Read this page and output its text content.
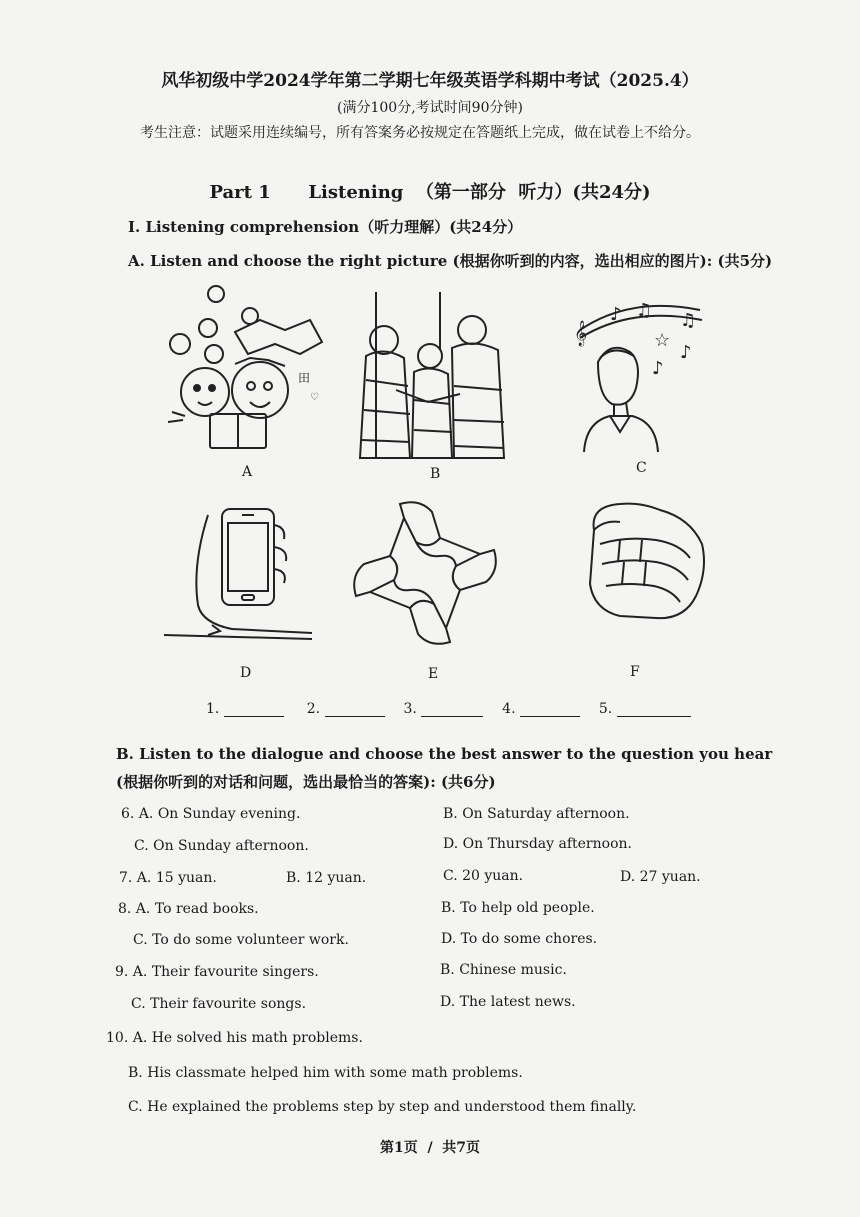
风华初级中学2024学年第二学期七年级英语学科期中考试（2025.4）
(满分100分,考试时间90分钟)
考生注意：试题采用连续编号，所有答案务必按规定在答题纸上完成，做在试卷上不给分。
Part 1      Listening  （第一部分  听力）(共24分)
I. Listening comprehension（听力理解）(共24分）
A. Listen and choose the right picture (根据你听到的内容，选出相应的图片): (共5分)
田
♡
A	B
𝄞
♪ ♫ ♫
☆
♪
♪
C
D	E	F
1.	2.	3.	4.	5.
B. Listen to the dialogue and choose the best answer to the question you hear (根据你听到的对话和问题，选出最恰当的答案): (共6分)
6. A. On Sunday evening.	B. On Saturday afternoon.
C. On Sunday afternoon.	D. On Thursday afternoon.
7. A. 15 yuan.	B. 12 yuan.	C. 20 yuan.	D. 27 yuan.
8. A. To read books.	B. To help old people.
C. To do some volunteer work.	D. To do some chores.
9. A. Their favourite singers.	B. Chinese music.
C. Their favourite songs.	D. The latest news.
10. A. He solved his math problems.
B. His classmate helped him with some math problems.
C. He explained the problems step by step and understood them finally.
第1页  /  共7页
